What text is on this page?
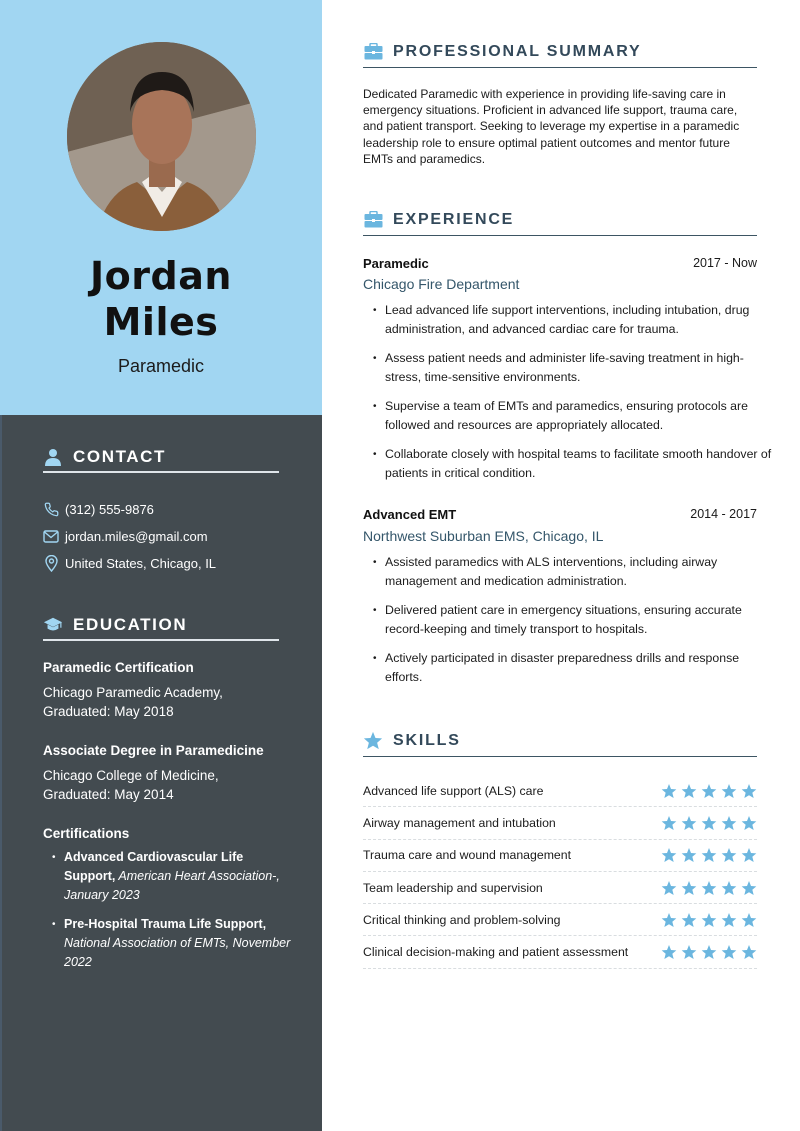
Jordan
Miles
Paramedic
CONTACT
(312) 555-9876
jordan.miles@gmail.com
United States, Chicago, IL
EDUCATION
Paramedic Certification
Chicago Paramedic Academy,
Graduated: May 2018
Associate Degree in Paramedicine
Chicago College of Medicine,
Graduated: May 2014
Certifications
• Advanced Cardiovascular Life Support, American Heart Association-, January 2023
• Pre-Hospital Trauma Life Support, National Association of EMTs, November 2022
PROFESSIONAL SUMMARY
Dedicated Paramedic with experience in providing life-saving care in emergency situations. Proficient in advanced life support, trauma care, and patient transport. Seeking to leverage my expertise in a paramedic leadership role to ensure optimal patient outcomes and mentor future EMTs and paramedics.
EXPERIENCE
Paramedic	2017 - Now
Chicago Fire Department
• Lead advanced life support interventions, including intubation, drug administration, and advanced cardiac care for trauma.
• Assess patient needs and administer life-saving treatment in high-stress, time-sensitive environments.
• Supervise a team of EMTs and paramedics, ensuring protocols are followed and resources are appropriately allocated.
• Collaborate closely with hospital teams to facilitate smooth handover of patients in critical condition.
Advanced EMT	2014 - 2017
Northwest Suburban EMS, Chicago, IL
• Assisted paramedics with ALS interventions, including airway management and medication administration.
• Delivered patient care in emergency situations, ensuring accurate record-keeping and timely transport to hospitals.
• Actively participated in disaster preparedness drills and response efforts.
SKILLS
Advanced life support (ALS) care
Airway management and intubation
Trauma care and wound management
Team leadership and supervision
Critical thinking and problem-solving
Clinical decision-making and patient assessment
